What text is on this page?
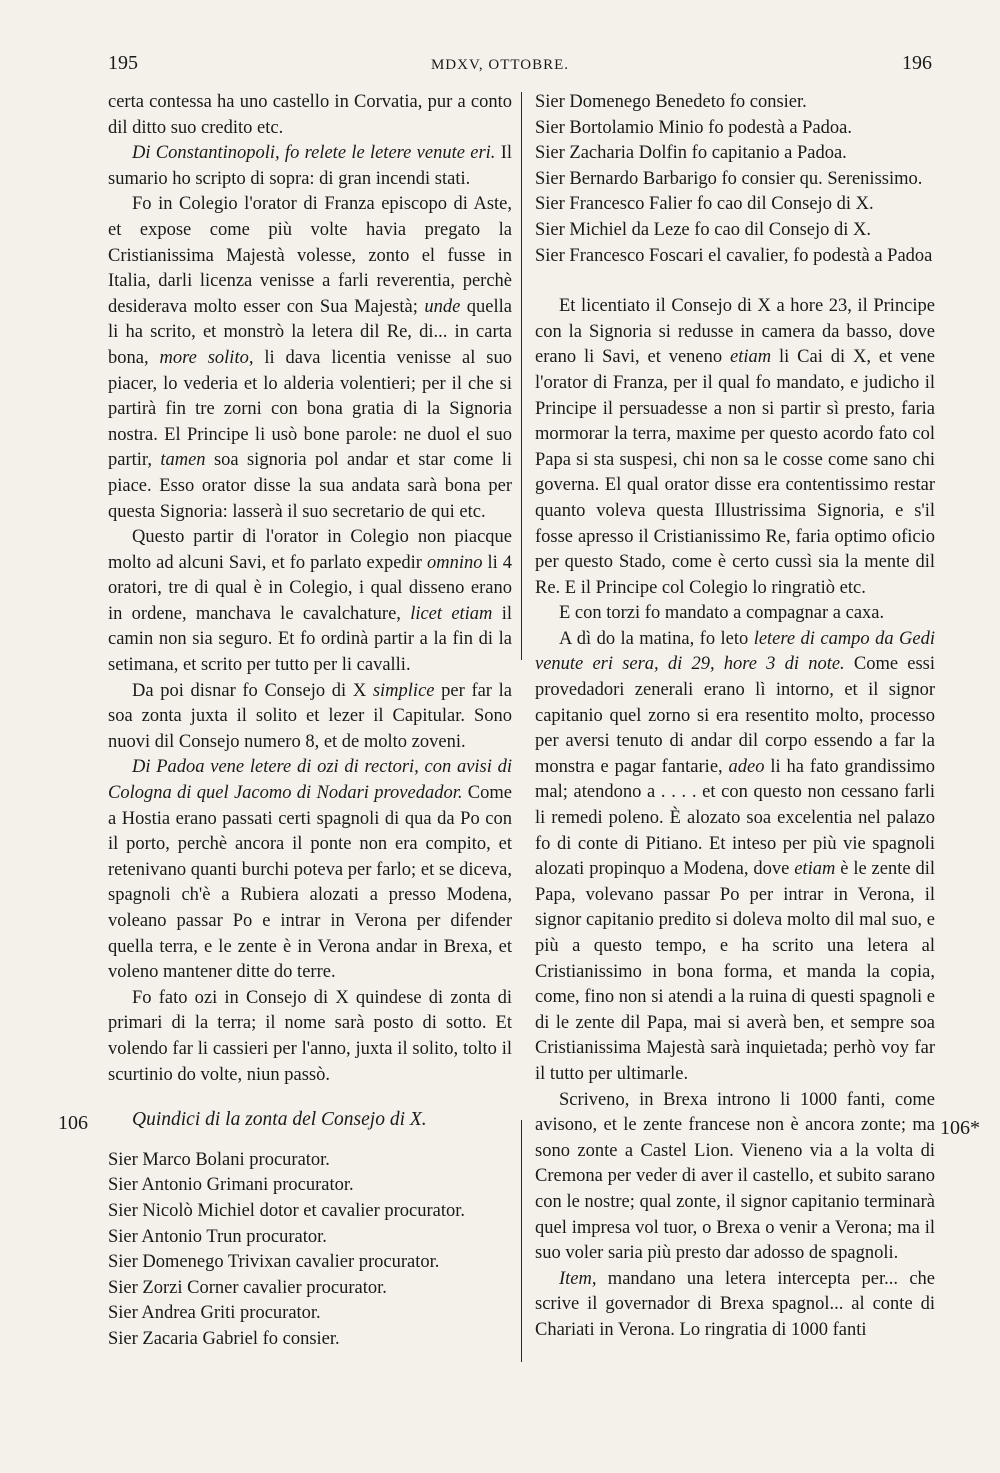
195	MDXV, OTTOBRE.	196
106	106*

certa contessa ha uno castello in Corvatia, pur a conto dil ditto suo credito etc.

Di Constantinopoli, fo relete le letere venute eri. Il sumario ho scripto di sopra: di gran incendi stati.

Fo in Colegio l'orator di Franza episcopo di Aste, et expose come più volte havia pregato la Cristianissima Majestà volesse, zonto el fusse in Italia, darli licenza venisse a farli reverentia, perchè desiderava molto esser con Sua Majestà; unde quella li ha scrito, et monstrò la letera dil Re, di... in carta bona, more solito, li dava licentia venisse al suo piacer, lo vederia et lo alderia volentieri; per il che si partirà fin tre zorni con bona gratia di la Signoria nostra. El Principe li usò bone parole: ne duol el suo partir, tamen soa signoria pol andar et star come li piace. Esso orator disse la sua andata sarà bona per questa Signoria: lasserà il suo secretario de qui etc.

Questo partir di l'orator in Colegio non piacque molto ad alcuni Savi, et fo parlato expedir omnino li 4 oratori, tre di qual è in Colegio, i qual disseno erano in ordene, manchava le cavalchature, licet etiam il camin non sia seguro. Et fo ordinà partir a la fin di la setimana, et scrito per tutto per li cavalli.

Da poi disnar fo Consejo di X simplice per far la soa zonta juxta il solito et lezer il Capitular. Sono nuovi dil Consejo numero 8, et de molto zoveni.

Di Padoa vene letere di ozi di rectori, con avisi di Cologna di quel Jacomo di Nodari provedador. Come a Hostia erano passati certi spagnoli di qua da Po con il porto, perchè ancora il ponte non era compito, et retenivano quanti burchi poteva per farlo; et se diceva, spagnoli ch'è a Rubiera alozati a presso Modena, voleano passar Po e intrar in Verona per difender quella terra, e le zente è in Verona andar in Brexa, et voleno mantener ditte do terre.

Fo fato ozi in Consejo di X quindese di zonta di primari di la terra; il nome sarà posto di sotto. Et volendo far li cassieri per l'anno, juxta il solito, tolto il scurtinio do volte, niun passò.

Quindici di la zonta del Consejo di X.

Sier Marco Bolani procurator.

Sier Antonio Grimani procurator.

Sier Nicolò Michiel dotor et cavalier procurator.

Sier Antonio Trun procurator.

Sier Domenego Trivixan cavalier procurator.

Sier Zorzi Corner cavalier procurator.

Sier Andrea Griti procurator.

Sier Zacaria Gabriel fo consier.

Sier Domenego Benedeto fo consier.

Sier Bortolamio Minio fo podestà a Padoa.

Sier Zacharia Dolfin fo capitanio a Padoa.

Sier Bernardo Barbarigo fo consier qu. Serenissimo.

Sier Francesco Falier fo cao dil Consejo di X.

Sier Michiel da Leze fo cao dil Consejo di X.

Sier Francesco Foscari el cavalier, fo podestà a Padoa

Et licentiato il Consejo di X a hore 23, il Principe con la Signoria si redusse in camera da basso, dove erano li Savi, et veneno etiam li Cai di X, et vene l'orator di Franza, per il qual fo mandato, e judicho il Principe il persuadesse a non si partir sì presto, faria mormorar la terra, maxime per questo acordo fato col Papa si sta suspesi, chi non sa le cosse come sano chi governa. El qual orator disse era contentissimo restar quanto voleva questa Illustrissima Signoria, e s'il fosse apresso il Cristianissimo Re, faria optimo oficio per questo Stado, come è certo cussì sia la mente dil Re. E il Principe col Colegio lo ringratiò etc.

E con torzi fo mandato a compagnar a caxa.

A dì do la matina, fo leto letere di campo da Gedi venute eri sera, di 29, hore 3 di note. Come essi provedadori zenerali erano lì intorno, et il signor capitanio quel zorno si era resentito molto, processo per aversi tenuto di andar dil corpo essendo a far la monstra e pagar fantarie, adeo li ha fato grandissimo mal; atendono a . . . . et con questo non cessano farli li remedi poleno. È alozato soa excelentia nel palazo fo di conte di Pitiano. Et inteso per più vie spagnoli alozati propinquo a Modena, dove etiam è le zente dil Papa, volevano passar Po per intrar in Verona, il signor capitanio predito si doleva molto dil mal suo, e più a questo tempo, e ha scrito una letera al Cristianissimo in bona forma, et manda la copia, come, fino non si atendi a la ruina di questi spagnoli e di le zente dil Papa, mai si averà ben, et sempre soa Cristianissima Majestà sarà inquietada; perhò voy far il tutto per ultimarle.

Scriveno, in Brexa introno li 1000 fanti, come avisono, et le zente francese non è ancora zonte; ma sono zonte a Castel Lion. Vieneno via a la volta di Cremona per veder di aver il castello, et subito sarano con le nostre; qual zonte, il signor capitanio terminarà quel impresa vol tuor, o Brexa o venir a Verona; ma il suo voler saria più presto dar adosso de spagnoli.

Item, mandano una letera intercepta per... che scrive il governador di Brexa spagnol... al conte di Chariati in Verona. Lo ringratia di 1000 fanti
